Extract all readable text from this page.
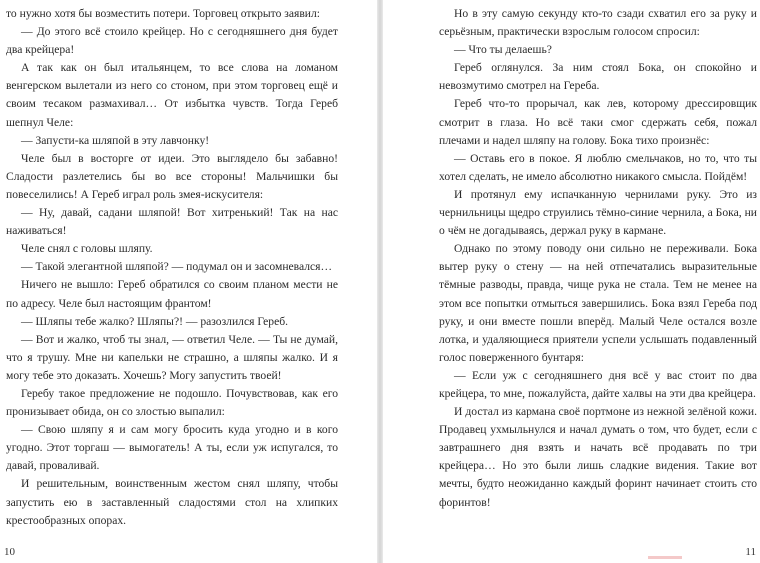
то нужно хотя бы возместить потери. Торговец открыто заявил:

— До этого всё стоило крейцер. Но с сегодняшнего дня будет два крейцера!

А так как он был итальянцем, то все слова на ломаном венгерском вылетали из него со стоном, при этом торговец ещё и своим тесаком размахивал… От избытка чувств. Тогда Гереб шепнул Челе:

— Запусти-ка шляпой в эту лавчонку!

Челе был в восторге от идеи. Это выглядело бы забавно! Сладости разлетелись бы во все стороны! Мальчишки бы повеселились! А Гереб играл роль змея-искусителя:

— Ну, давай, садани шляпой! Вот хитренький! Так на нас наживаться!

Челе снял с головы шляпу.

— Такой элегантной шляпой? — подумал он и засомневался…

Ничего не вышло: Гереб обратился со своим планом мести не по адресу. Челе был настоящим франтом!

— Шляпы тебе жалко? Шляпы?! — разозлился Гереб.

— Вот и жалко, чтоб ты знал, — ответил Челе. — Ты не думай, что я трушу. Мне ни капельки не страшно, а шляпы жалко. И я могу тебе это доказать. Хочешь? Могу запустить твоей!

Геребу такое предложение не подошло. Почувствовав, как его пронизывает обида, он со злостью выпалил:

— Свою шляпу я и сам могу бросить куда угодно и в кого угодно. Этот торгаш — вымогатель! А ты, если уж испугался, то давай, проваливай.

И решительным, воинственным жестом снял шляпу, чтобы запустить ею в заставленный сладостями стол на хлипких крестообразных опорах.

10

Но в эту самую секунду кто-то сзади схватил его за руку и серьёзным, практически взрослым голосом спросил:

— Что ты делаешь?

Гереб оглянулся. За ним стоял Бока, он спокойно и невозмутимо смотрел на Гереба.

Гереб что-то прорычал, как лев, которому дрессировщик смотрит в глаза. Но всё таки смог сдержать себя, пожал плечами и надел шляпу на голову. Бока тихо произнёс:

— Оставь его в покое. Я люблю смельчаков, но то, что ты хотел сделать, не имело абсолютно никакого смысла. Пойдём!

И протянул ему испачканную чернилами руку. Это из чернильницы щедро струились тёмно-синие чернила, а Бока, ни о чём не догадываясь, держал руку в кармане.

Однако по этому поводу они сильно не переживали. Бока вытер руку о стену — на ней отпечатались выразительные тёмные разводы, правда, чище рука не стала. Тем не менее на этом все попытки отмыться завершились. Бока взял Гереба под руку, и они вместе пошли вперёд. Малый Челе остался возле лотка, и удаляющиеся приятели успели услышать подавленный голос поверженного бунтаря:

— Если уж с сегодняшнего дня всё у вас стоит по два крейцера, то мне, пожалуйста, дайте халвы на эти два крейцера.

И достал из кармана своё портмоне из нежной зелёной кожи. Продавец ухмыльнулся и начал думать о том, что будет, если с завтрашнего дня взять и начать всё продавать по три крейцера… Но это были лишь сладкие видения. Такие вот мечты, будто неожиданно каждый форинт начинает стоить сто форинтов!

11
